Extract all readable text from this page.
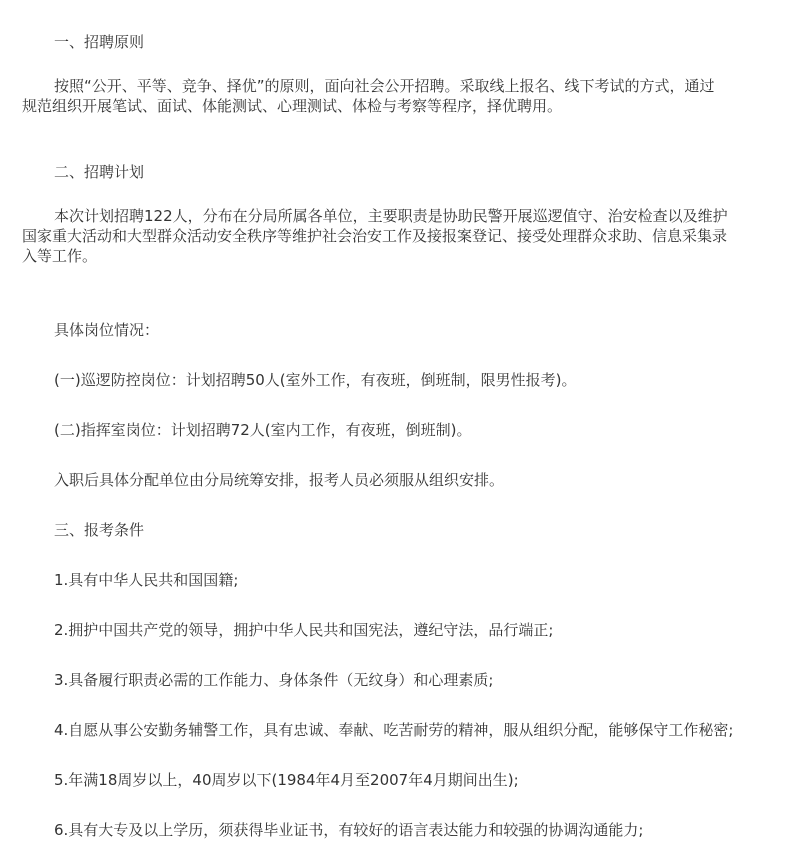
一、招聘原则

按照“公开、平等、竞争、择优”的原则，面向社会公开招聘。采取线上报名、线下考试的方式，通过
规范组织开展笔试、面试、体能测试、心理测试、体检与考察等程序，择优聘用。

二、招聘计划

本次计划招聘122人，分布在分局所属各单位，主要职责是协助民警开展巡逻值守、治安检查以及维护
国家重大活动和大型群众活动安全秩序等维护社会治安工作及接报案登记、接受处理群众求助、信息采集录
入等工作。

具体岗位情况：

(一)巡逻防控岗位：计划招聘50人(室外工作，有夜班，倒班制，限男性报考)。

(二)指挥室岗位：计划招聘72人(室内工作，有夜班，倒班制)。

入职后具体分配单位由分局统筹安排，报考人员必须服从组织安排。

三、报考条件

1.具有中华人民共和国国籍;

2.拥护中国共产党的领导，拥护中华人民共和国宪法，遵纪守法，品行端正;

3.具备履行职责必需的工作能力、身体条件（无纹身）和心理素质;

4.自愿从事公安勤务辅警工作，具有忠诚、奉献、吃苦耐劳的精神，服从组织分配，能够保守工作秘密;

5.年满18周岁以上，40周岁以下(1984年4月至2007年4月期间出生);

6.具有大专及以上学历，须获得毕业证书，有较好的语言表达能力和较强的协调沟通能力;
